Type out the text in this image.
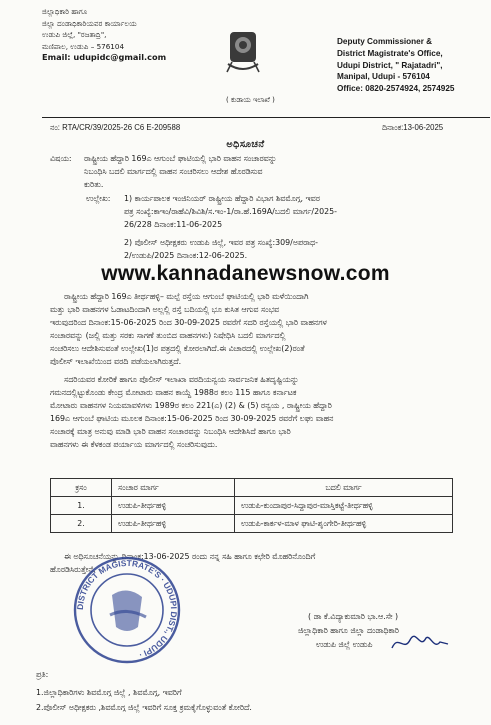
ಜಿಲ್ಲಾಧಿಕಾರಿ ಹಾಗೂ
ಜಿಲ್ಲಾ ದಂಡಾಧಿಕಾರಿಯವರ ಕಾರ್ಯಾಲಯ
ಉಡುಪಿ ಜಿಲ್ಲೆ, "ರಜತಾದ್ರಿ",
ಮಣಿಪಾಲ, ಉಡುಪಿ – 576104
Email: udupidc@gmail.com
( ಕುಡಾಯ ಇಲಾಖೆ )
Deputy Commissioner &
District Magistrate's Office,
Udupi District, " Rajatadri",
Manipal, Udupi - 576104
Office: 0820-2574924, 2574925
ನಂ: RTA/CR/39/2025-26 C6 E-209588	ದಿನಾಂಕ:13-06-2025
ಅಧಿಸೂಚನೆ
ವಿಷಯ: ರಾಷ್ಟ್ರೀಯ ಹೆದ್ದಾರಿ 169ಎ ಆಗುಂಬೆ ಘಾಟಿಯಲ್ಲಿ ಭಾರಿ ವಾಹನ ಸಂಚಾರವನ್ನು
ನಿಬಂಧಿಸಿ ಬದಲಿ ಮಾರ್ಗದಲ್ಲಿ ವಾಹನ ಸಂಚರಿಸಲು ಆದೇಶ ಹೊರಡಿಸುವ
ಕುರಿತು.
ಉಲ್ಲೇಖ: 1) ಕಾರ್ಯಪಾಲಕ ಇಂಜಿನಿಯರ್ ರಾಷ್ಟ್ರೀಯ ಹೆದ್ದಾರಿ ವಿಭಾಗ ಶಿವಮೊಗ್ಗ, ಇವರ
ಪತ್ರ ಸಂಖ್ಯೆ:ಕಾಇಂ/ರಾಹೆವಿ/ಶಿವಿಶಿ/ಸ.ಇಂ-1/ರಾ.ಹೆ.169A/ಬದಲಿ ಮಾರ್ಗ/2025-
26/228 ದಿನಾಂಕ:11-06-2025
2) ಪೊಲೀಸ್ ಅಧೀಕ್ಷಕರು ಉಡುಪಿ ಜಿಲ್ಲೆ, ಇವರ ಪತ್ರ ಸಂಖ್ಯೆ:309/ಅಪರಾಧ-
2/ಉಡುಪಿ/2025 ದಿನಾಂಕ:12-06-2025.
www.kannadanewsnow.com
ರಾಷ್ಟ್ರೀಯ ಹೆದ್ದಾರಿ 169ಎ ತೀರ್ಥಹಳ್ಳಿ– ಮಲ್ಪೆ ರಸ್ತೆಯ ಆಗುಂಬೆ ಘಾಟಿಯಲ್ಲಿ ಭಾರಿ ಮಳೆಯಿಂದಾಗಿ
ಮತ್ತು ಭಾರಿ ವಾಹನಗಳ ಓಡಾಟದಿಂದಾಗಿ ಅಲ್ಲಲ್ಲಿ ರಸ್ತೆ ಬದಿಯಲ್ಲಿ ಭೂ ಕುಸಿತ ಆಗುವ ಸಂಭವ
ಇರುವುದರಿಂದ ದಿನಾಂಕ:15-06-2025 ರಿಂದ 30-09-2025 ರವರೆಗೆ ಸದರಿ ರಸ್ತೆಯಲ್ಲಿ ಭಾರಿ ವಾಹನಗಳ
ಸಂಚಾರವನ್ನು (ಜಲ್ಲಿ ಮತ್ತು ಸರಕು ಸಾಗಣೆ ತುಂಬಿದ ವಾಹನಗಳು) ನಿಷೇಧಿಸಿ ಬದಲಿ ಮಾರ್ಗದಲ್ಲಿ
ಸಂಚರಿಸಲು ಆದೇಶಿಸುವಂತೆ ಉಲ್ಲೇಖ(1)ರ ಪತ್ರದಲ್ಲಿ ಕೋರಲಾಗಿದೆ.ಈ ವಿಚಾರದಲ್ಲಿ ಉಲ್ಲೇಖ(2)ರಂತೆ
ಪೊಲೀಸ್ ಇಲಾಖೆಯಿಂದ ವರದಿ ಪಡೆಯಲಾಗಿರುತ್ತದೆ.
ಸದರಿಯವರ ಕೋರಿಕೆ ಹಾಗೂ ಪೊಲೀಸ್ ಇಲಾಖಾ ವರದಿಯನ್ವಯ ಸಾರ್ವಜನಿಕ ಹಿತದೃಷ್ಟಿಯನ್ನು
ಗಮನದಲ್ಲಿಟ್ಟುಕೊಂಡು ಕೇಂದ್ರ ಮೋಟಾರು ವಾಹನ ಕಾಯ್ದೆ 1988ರ ಕಲಂ 115 ಹಾಗೂ ಕರ್ನಾಟಕ
ಮೋಟಾರು ವಾಹನಗಳ ನಿಯಮಾವಳಿಗಳು 1989ರ ಕಲಂ 221(ಎ) (2) & (5) ರನ್ವಯ , ರಾಷ್ಟ್ರೀಯ ಹೆದ್ದಾರಿ
169ಎ ಆಗುಂಬೆ ಘಾಟಿಯ ಮೂಲಕ ದಿನಾಂಕ:15-06-2025 ರಿಂದ 30-09-2025 ರವರೆಗೆ ಲಘು ವಾಹನ
ಸಂಚಾರಕ್ಕೆ ಮಾತ್ರ ಅನುವು ಮಾಡಿ ಭಾರಿ ವಾಹನ ಸಂಚಾರವನ್ನು ನಿಬಂಧಿಸಿ ಆದೇಶಿಸಿದೆ ಹಾಗೂ ಭಾರಿ
ವಾಹನಗಳು ಈ ಕೆಳಕಂಡ ಪರ್ಯಾಯ ಮಾರ್ಗದಲ್ಲಿ ಸಂಚರಿಸುವುದು.
ಕ್ರಸಂ	ಸಂಚಾರ ಮಾರ್ಗ	ಬದಲಿ ಮಾರ್ಗ
1.	ಉಡುಪಿ-ತೀರ್ಥಹಳ್ಳಿ	ಉಡುಪಿ-ಕುಂದಾಪುರ-ಸಿದ್ದಾಪುರ-ಮಾಸ್ತಿಕಟ್ಟೆ-ತೀರ್ಥಹಳ್ಳಿ
2.	ಉಡುಪಿ-ತೀರ್ಥಹಳ್ಳಿ	ಉಡುಪಿ-ಕಾರ್ಕಳ-ಮಾಳ ಘಾಟಿ-ಶೃಂಗೇರಿ-ತೀರ್ಥಹಳ್ಳಿ
ಈ ಅಧಿಸೂಚನೆಯನ್ನು ದಿನಾಂಕ:13-06-2025 ರಂದು ನನ್ನ ಸಹಿ ಹಾಗೂ ಕಛೇರಿ ಮೊಹರಿನೊಂದಿಗೆ
ಹೊರಡಿಸಿರುತ್ತೇನೆ.
DISTRICT MAGISTRATE'S · UDUPI DIST., UDUPI ·
( ಡಾ ಕೆ.ವಿದ್ಯಾಕುಮಾರಿ ಭಾ.ಆ.ಸೇ )
ಜಿಲ್ಲಾಧಿಕಾರಿ ಹಾಗೂ ಜಿಲ್ಲಾ ದಂಡಾಧಿಕಾರಿ
ಉಡುಪಿ ಜಿಲ್ಲೆ ಉಡುಪಿ
ಪ್ರತಿ:
1.ಜಿಲ್ಲಾಧಿಕಾರಿಗಳು ಶಿವಮೊಗ್ಗ ಜಿಲ್ಲೆ , ಶಿವಮೊಗ್ಗ, ಇವರಿಗೆ
2.ಪೊಲೀಸ್ ಅಧೀಕ್ಷಕರು ,ಶಿವಮೊಗ್ಗ ಜಿಲ್ಲೆ ಇವರಿಗೆ ಸೂಕ್ತ ಕ್ರಮಕೈಗೊಳ್ಳುವಂತೆ ಕೋರಿದೆ.
